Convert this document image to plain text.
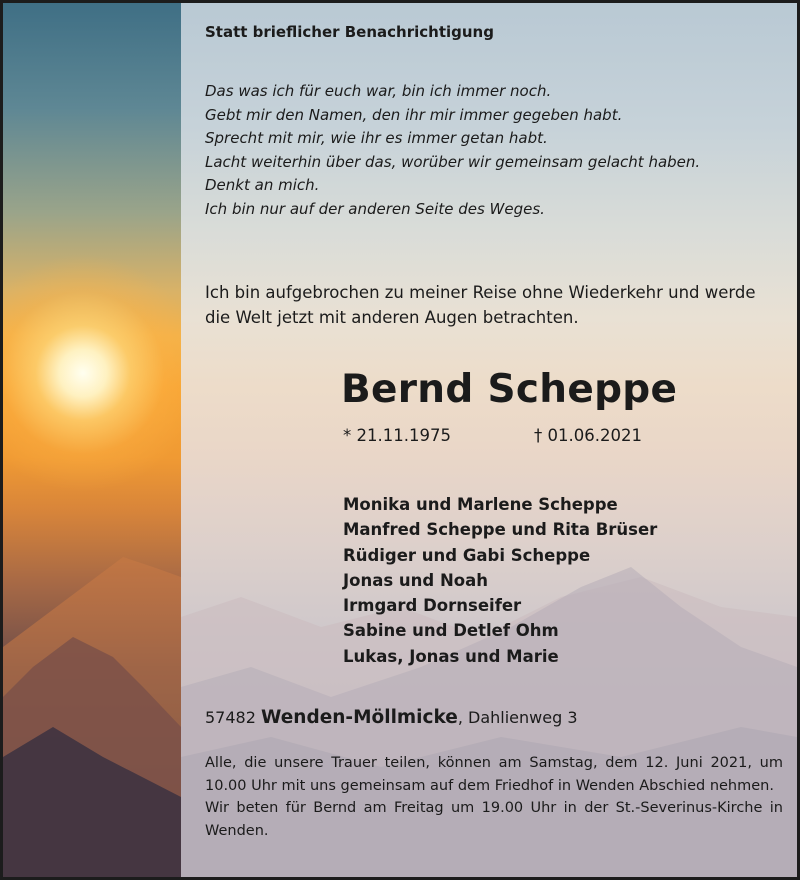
Statt brieflicher Benachrichtigung
Das was ich für euch war, bin ich immer noch.
Gebt mir den Namen, den ihr mir immer gegeben habt.
Sprecht mit mir, wie ihr es immer getan habt.
Lacht weiterhin über das, worüber wir gemeinsam gelacht haben.
Denkt an mich.
Ich bin nur auf der anderen Seite des Weges.
Ich bin aufgebrochen zu meiner Reise ohne Wiederkehr und werde die Welt jetzt mit anderen Augen betrachten.
Bernd Scheppe
* 21.11.1975	† 01.06.2021
Monika und Marlene Scheppe
Manfred Scheppe und Rita Brüser
Rüdiger und Gabi Scheppe
Jonas und Noah
Irmgard Dornseifer
Sabine und Detlef Ohm
Lukas, Jonas und Marie
57482 Wenden-Möllmicke, Dahlienweg 3

Alle, die unsere Trauer teilen, können am Samstag, dem 12. Juni 2021, um 10.00 Uhr mit uns gemeinsam auf dem Friedhof in Wenden Abschied nehmen.

Wir beten für Bernd am Freitag um 19.00 Uhr in der St.-Severinus-Kirche in Wenden.
